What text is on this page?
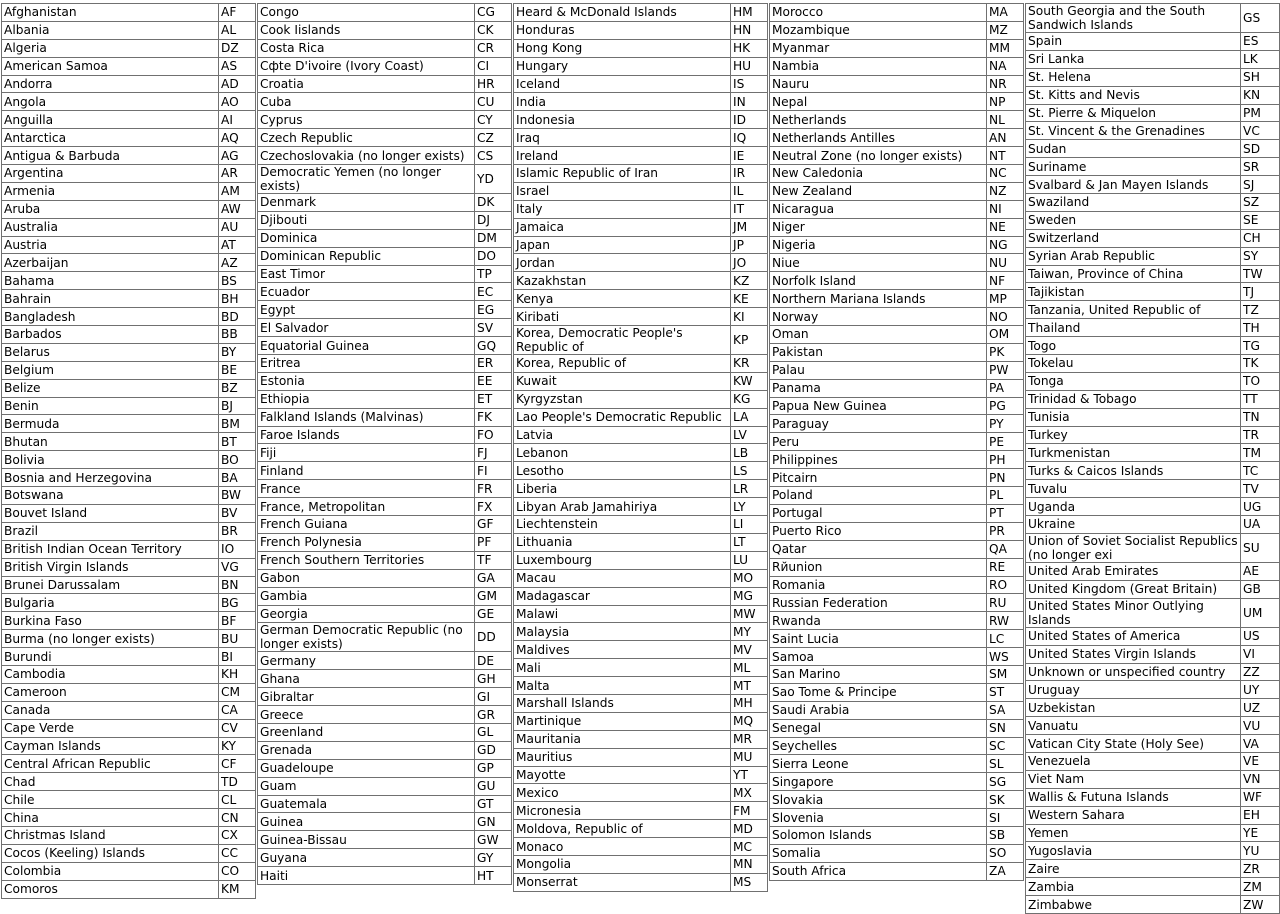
Afghanistan	AF
Albania	AL
Algeria	DZ
American Samoa	AS
Andorra	AD
Angola	AO
Anguilla	AI
Antarctica	AQ
Antigua & Barbuda	AG
Argentina	AR
Armenia	AM
Aruba	AW
Australia	AU
Austria	AT
Azerbaijan	AZ
Bahama	BS
Bahrain	BH
Bangladesh	BD
Barbados	BB
Belarus	BY
Belgium	BE
Belize	BZ
Benin	BJ
Bermuda	BM
Bhutan	BT
Bolivia	BO
Bosnia and Herzegovina	BA
Botswana	BW
Bouvet Island	BV
Brazil	BR
British Indian Ocean Territory	IO
British Virgin Islands	VG
Brunei Darussalam	BN
Bulgaria	BG
Burkina Faso	BF
Burma (no longer exists)	BU
Burundi	BI
Cambodia	KH
Cameroon	CM
Canada	CA
Cape Verde	CV
Cayman Islands	KY
Central African Republic	CF
Chad	TD
Chile	CL
China	CN
Christmas Island	CX
Cocos (Keeling) Islands	CC
Colombia	CO
Comoros	KM
Congo	CG
Cook Iislands	CK
Costa Rica	CR
Cфte D'ivoire (Ivory Coast)	CI
Croatia	HR
Cuba	CU
Cyprus	CY
Czech Republic	CZ
Czechoslovakia (no longer exists)	CS
Democratic Yemen (no longer exists)	YD
Denmark	DK
Djibouti	DJ
Dominica	DM
Dominican Republic	DO
East Timor	TP
Ecuador	EC
Egypt	EG
El Salvador	SV
Equatorial Guinea	GQ
Eritrea	ER
Estonia	EE
Ethiopia	ET
Falkland Islands (Malvinas)	FK
Faroe Islands	FO
Fiji	FJ
Finland	FI
France	FR
France, Metropolitan	FX
French Guiana	GF
French Polynesia	PF
French Southern Territories	TF
Gabon	GA
Gambia	GM
Georgia	GE
German Democratic Republic (no longer exists)	DD
Germany	DE
Ghana	GH
Gibraltar	GI
Greece	GR
Greenland	GL
Grenada	GD
Guadeloupe	GP
Guam	GU
Guatemala	GT
Guinea	GN
Guinea-Bissau	GW
Guyana	GY
Haiti	HT
Heard & McDonald Islands	HM
Honduras	HN
Hong Kong	HK
Hungary	HU
Iceland	IS
India	IN
Indonesia	ID
Iraq	IQ
Ireland	IE
Islamic Republic of Iran	IR
Israel	IL
Italy	IT
Jamaica	JM
Japan	JP
Jordan	JO
Kazakhstan	KZ
Kenya	KE
Kiribati	KI
Korea, Democratic People's Republic of	KP
Korea, Republic of	KR
Kuwait	KW
Kyrgyzstan	KG
Lao People's Democratic Republic	LA
Latvia	LV
Lebanon	LB
Lesotho	LS
Liberia	LR
Libyan Arab Jamahiriya	LY
Liechtenstein	LI
Lithuania	LT
Luxembourg	LU
Macau	MO
Madagascar	MG
Malawi	MW
Malaysia	MY
Maldives	MV
Mali	ML
Malta	MT
Marshall Islands	MH
Martinique	MQ
Mauritania	MR
Mauritius	MU
Mayotte	YT
Mexico	MX
Micronesia	FM
Moldova, Republic of	MD
Monaco	MC
Mongolia	MN
Monserrat	MS
Morocco	MA
Mozambique	MZ
Myanmar	MM
Nambia	NA
Nauru	NR
Nepal	NP
Netherlands	NL
Netherlands Antilles	AN
Neutral Zone (no longer exists)	NT
New Caledonia	NC
New Zealand	NZ
Nicaragua	NI
Niger	NE
Nigeria	NG
Niue	NU
Norfolk Island	NF
Northern Mariana Islands	MP
Norway	NO
Oman	OM
Pakistan	PK
Palau	PW
Panama	PA
Papua New Guinea	PG
Paraguay	PY
Peru	PE
Philippines	PH
Pitcairn	PN
Poland	PL
Portugal	PT
Puerto Rico	PR
Qatar	QA
Rйunion	RE
Romania	RO
Russian Federation	RU
Rwanda	RW
Saint Lucia	LC
Samoa	WS
San Marino	SM
Sao Tome & Principe	ST
Saudi Arabia	SA
Senegal	SN
Seychelles	SC
Sierra Leone	SL
Singapore	SG
Slovakia	SK
Slovenia	SI
Solomon Islands	SB
Somalia	SO
South Africa	ZA
South Georgia and the South Sandwich Islands	GS
Spain	ES
Sri Lanka	LK
St. Helena	SH
St. Kitts and Nevis	KN
St. Pierre & Miquelon	PM
St. Vincent & the Grenadines	VC
Sudan	SD
Suriname	SR
Svalbard & Jan Mayen Islands	SJ
Swaziland	SZ
Sweden	SE
Switzerland	CH
Syrian Arab Republic	SY
Taiwan, Province of China	TW
Tajikistan	TJ
Tanzania, United Republic of	TZ
Thailand	TH
Togo	TG
Tokelau	TK
Tonga	TO
Trinidad & Tobago	TT
Tunisia	TN
Turkey	TR
Turkmenistan	TM
Turks & Caicos Islands	TC
Tuvalu	TV
Uganda	UG
Ukraine	UA
Union of Soviet Socialist Republics (no longer exi	SU
United Arab Emirates	AE
United Kingdom (Great Britain)	GB
United States Minor Outlying Islands	UM
United States of America	US
United States Virgin Islands	VI
Unknown or unspecified country	ZZ
Uruguay	UY
Uzbekistan	UZ
Vanuatu	VU
Vatican City State (Holy See)	VA
Venezuela	VE
Viet Nam	VN
Wallis & Futuna Islands	WF
Western Sahara	EH
Yemen	YE
Yugoslavia	YU
Zaire	ZR
Zambia	ZM
Zimbabwe	ZW
